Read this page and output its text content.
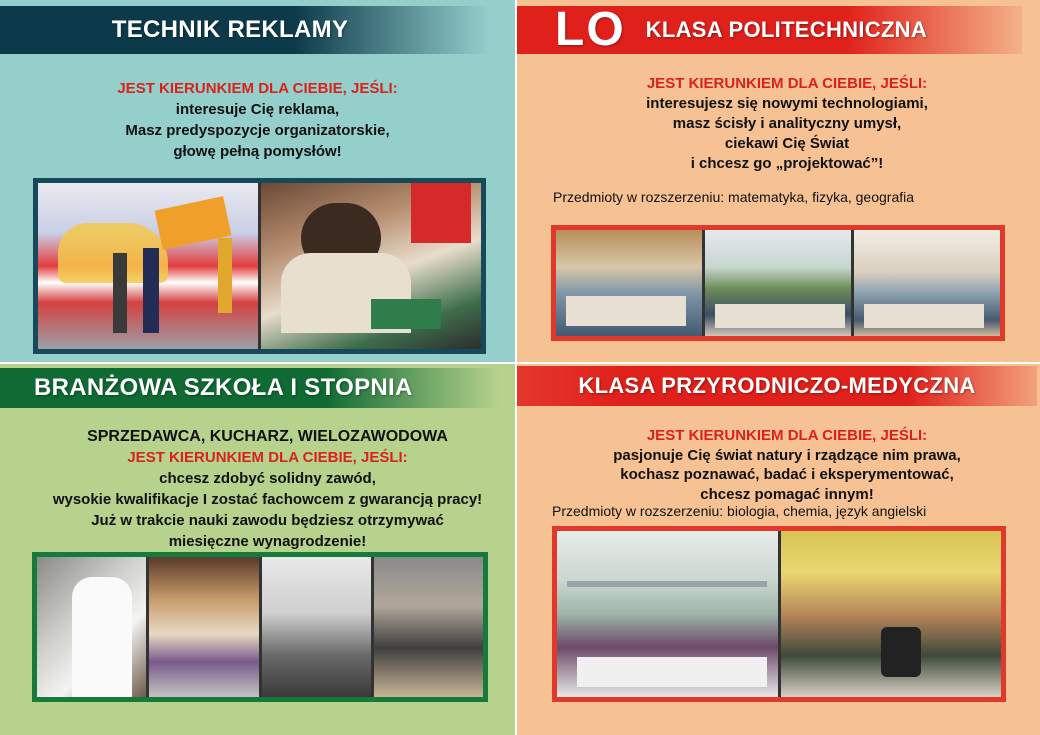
TECHNIK REKLAMY
JEST KIERUNKIEM DLA CIEBIE, JEŚLI:
interesuje Cię reklama,
Masz predyspozycje organizatorskie,
głowę pełną pomysłów!
LO KLASA POLITECHNICZNA
JEST KIERUNKIEM DLA CIEBIE, JEŚLI:
interesujesz się nowymi technologiami,
masz ścisły i analityczny umysł,
ciekawi Cię Świat
i chcesz go „projektować”!
Przedmioty w rozszerzeniu: matematyka, fizyka, geografia
BRANŻOWA SZKOŁA I STOPNIA
SPRZEDAWCA, KUCHARZ, WIELOZAWODOWA
JEST KIERUNKIEM DLA CIEBIE, JEŚLI:
chcesz zdobyć solidny zawód,
wysokie kwalifikacje I zostać fachowcem z gwarancją pracy!
Już w trakcie nauki zawodu będziesz otrzymywać
miesięczne wynagrodzenie!
KLASA PRZYRODNICZO-MEDYCZNA
JEST KIERUNKIEM DLA CIEBIE, JEŚLI:
pasjonuje Cię świat natury i rządzące nim prawa,
kochasz poznawać, badać i eksperymentować,
chcesz pomagać innym!
Przedmioty w rozszerzeniu: biologia, chemia, język angielski
